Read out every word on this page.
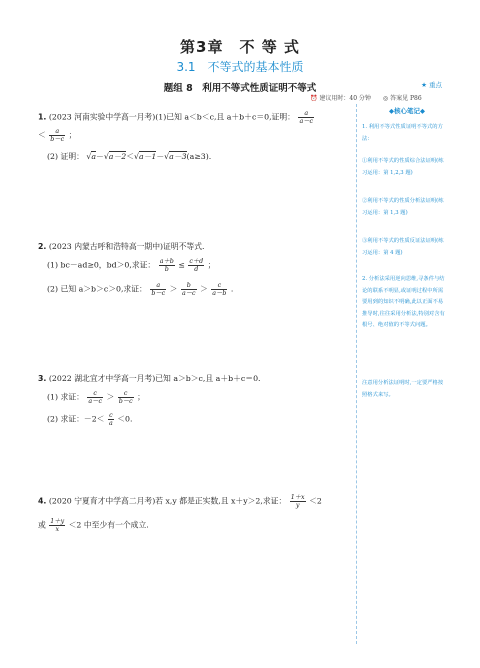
第3章　不 等 式
3.1　不等式的基本性质
题组 8　利用不等式性质证明不等式	★ 重点
⏰ 建议用时：40 分钟　　◎ 答案见 P86
1. (2023 河南实验中学高一月考)(1)已知 a＜b＜c,且 a＋b＋c＝0,证明： $\frac{a}{a-c}$
＜ $\frac{a}{b-c}$ ；
(2) 证明： √a－√a－2＜√a－1－√a－3(a≥3).
2. (2023 内蒙古呼和浩特高一期中)证明不等式.
(1) bc－ad≥0，bd＞0,求证： $\frac{a+b}{b} \le \frac{c+d}{d}$ ；
(2) 已知 a＞b＞c＞0,求证： $\frac{a}{b-c} > \frac{b}{a-c} > \frac{c}{a-b}$ .
3. (2022 湖北宜才中学高一月考)已知 a＞b＞c,且 a＋b＋c＝0.
(1) 求证： $\frac{c}{a-c} > \frac{c}{b-c}$ ；
(2) 求证：$-2< \frac{c}{a} <0$.
4. (2020 宁夏育才中学高二月考)若 x,y 都是正实数,且 x＋y＞2,求证： $\frac{1+x}{y} <2$
或 $\frac{1+y}{x} <2$ 中至少有一个成立.
◆核心笔记◆
1. 利用不等式性质证明不等式的方法：
①利用不等式的性质综合法证明(练习运用：第 1,2,3 题)
②利用不等式的性质分析法证明(练习运用：第 1,3 题)
③利用不等式的性质反证法证明(练习运用：第 4 题)
2. 分析法采用逆向思维,寻条件与结论的联系不明显,或证明过程中所需要用到的知识不明确,此以正面不易推导时,往往采用分析法,特别对含有根号、绝对值的不等式问题。
注意用分析法证明时,一定要严格按照格式来写。
